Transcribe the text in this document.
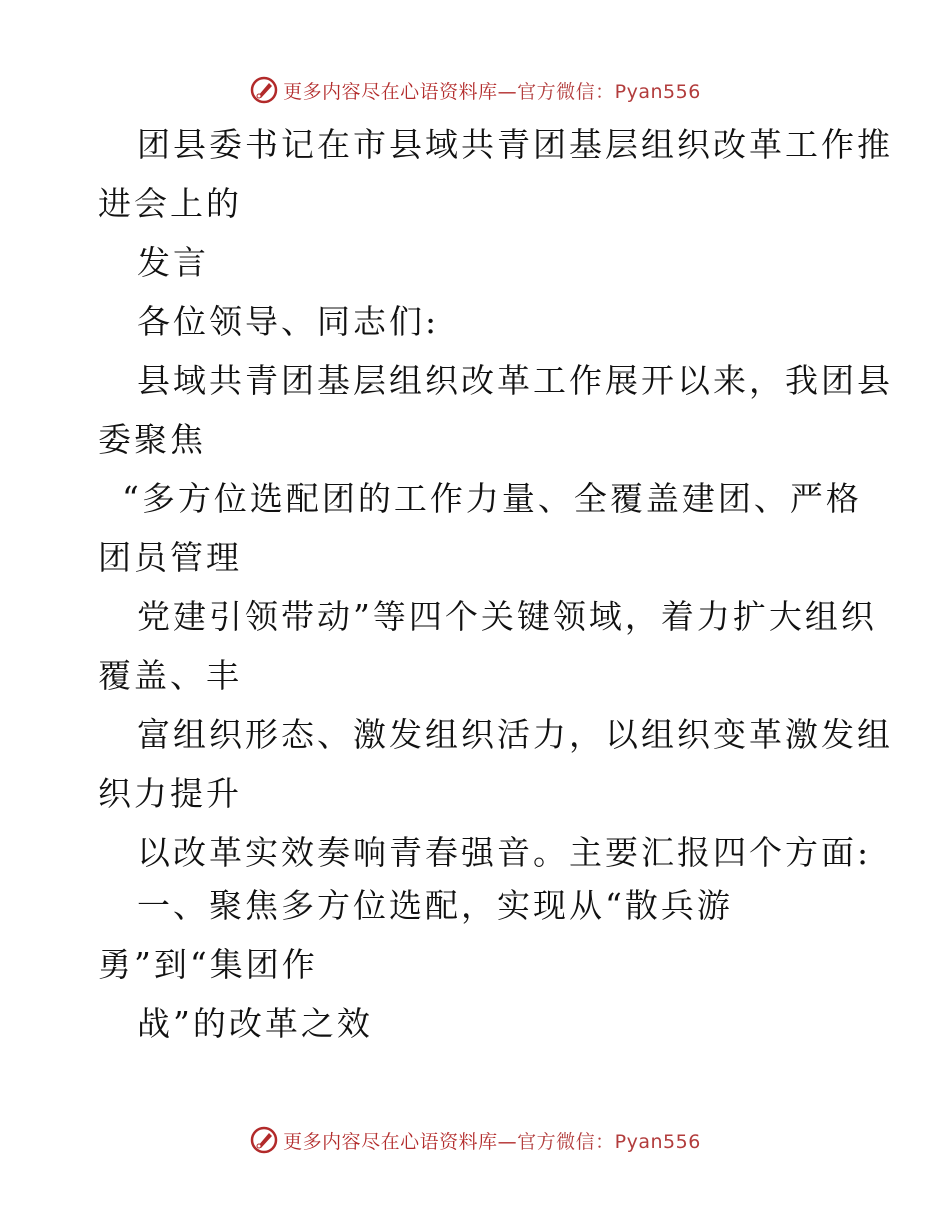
更多内容尽在心语资料库—官方微信：Pyan556
团县委书记在市县域共青团基层组织改革工作推
进会上的
发言
各位领导、同志们:
县域共青团基层组织改革工作展开以来，我团县
委聚焦
“多方位选配团的工作力量、全覆盖建团、严格
团员管理
党建引领带动”等四个关键领域，着力扩大组织
覆盖、丰
富组织形态、激发组织活力，以组织变革激发组
织力提升
以改革实效奏响青春强音。主要汇报四个方面:
一、聚焦多方位选配，实现从“散兵游
勇”到“集团作
战”的改革之效
更多内容尽在心语资料库—官方微信：Pyan556
